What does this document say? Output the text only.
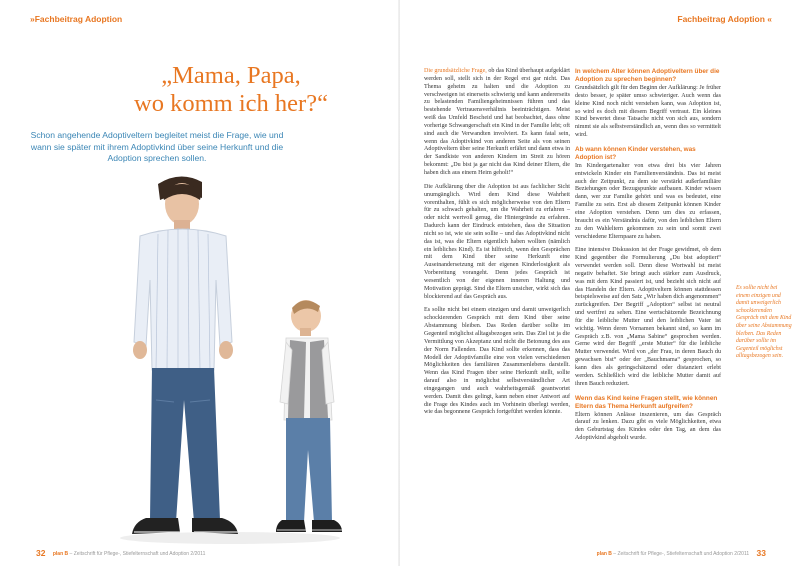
»Fachbeitrag Adoption
„Mama, Papa,
wo komm ich her?“

Schon angehende Adoptiveltern begleitet meist die Frage, wie und wann sie später mit ihrem Adoptivkind über seine Herkunft und die Adoption sprechen sollen.

32 plan B – Zeitschrift für Pflege-, Stiefelternschaft und Adoption 2/2011
Fachbeitrag Adoption «
plan B – Zeitschrift für Pflege-, Stiefelternschaft und Adoption 2/2011 33

Die grundsätzliche Frage, ob das Kind überhaupt aufgeklärt werden soll, stellt sich in der Regel erst gar nicht. Das Thema geheim zu halten und die Adoption zu verschweigen ist einerseits schwierig und kann andererseits zu belastenden Familiengeheimnissen führen und das bestehende Vertrauensverhältnis beeinträchtigen. Meist weiß das Umfeld Bescheid und hat beobachtet, dass ohne vorherige Schwangerschaft ein Kind in der Familie lebt; oft sind auch die Verwandten involviert. Es kann fatal sein, wenn das Adoptivkind von anderen Seite als von seinen Adoptiveltern über seine Herkunft erfährt und dann etwa in der Sandkiste von anderen Kindern im Streit zu hören bekommt: „Du bist ja gar nicht das Kind deiner Eltern, die haben dich aus einem Heim geholt!“

Die Aufklärung über die Adoption ist aus fachlicher Sicht unumgänglich. Wird dem Kind diese Wahrheit vorenthalten, fühlt es sich möglicherweise von den Eltern für zu schwach gehalten, um die Wahrheit zu erfahren – oder nicht wertvoll genug, die Hintergründe zu erfahren. Dadurch kann der Eindruck entstehen, dass die Situation nicht so ist, wie sie sein sollte – und das Adoptivkind nicht das ist, was die Eltern eigentlich haben wollten (nämlich ein leibliches Kind). Es ist hilfreich, wenn den Gesprächen mit dem Kind über seine Herkunft eine Auseinandersetzung mit der eigenen Kinderlosigkeit als Vorbereitung vorangeht. Denn jedes Gespräch ist wesentlich von der eigenen inneren Haltung und Motivation geprägt. Sind die Eltern unsicher, wirkt sich das blockierend auf das Gespräch aus.

Es sollte nicht bei einem einzigen und damit unweigerlich schockierenden Gespräch mit dem Kind über seine Abstammung bleiben. Das Reden darüber sollte im Gegenteil möglichst alltagsbezogen sein. Das Ziel ist ja die Vermittlung von Akzeptanz und nicht die Betonung des aus der Norm Fallenden. Das Kind sollte erkennen, dass das Modell der Adoptivfamilie eine von vielen verschiedenen Möglichkeiten des familiären Zusammenlebens darstellt. Wenn das Kind Fragen über seine Herkunft stellt, sollte darauf also in möglichst selbstverständlicher Art eingegangen und auch wahrheitsgemäß geantwortet werden. Damit dies gelingt, kann neben einer Antwort auf die Frage des Kindes auch im Vorhinein überlegt werden, wie das begonnene Gespräch fortgeführt werden könnte.

In welchem Alter können Adoptiveltern über die Adoption zu sprechen beginnen?

Grundsätzlich gilt für den Beginn der Aufklärung: Je früher desto besser, je später umso schwieriger. Auch wenn das kleine Kind noch nicht verstehen kann, was Adoption ist, so wird es doch mit diesem Begriff vertraut. Ein kleines Kind bewertet diese Tatsache nicht von sich aus, sondern nimmt sie als selbstverständlich an, wenn dies so vermittelt wird.

Ab wann können Kinder verstehen, was Adoption ist?

Im Kindergartenalter von etwa drei bis vier Jahren entwickeln Kinder ein Familienverständnis. Das ist meist auch der Zeitpunkt, zu dem sie verstärkt außerfamiliäre Beziehungen oder Bezugspunkte aufbauen. Kinder wissen dann, wer zur Familie gehört und was es bedeutet, eine Familie zu sein. Erst ab diesem Zeitpunkt können Kinder eine Adoption verstehen. Denn um dies zu erfassen, braucht es ein Verständnis dafür, von den leiblichen Eltern zu den Wahleltern gekommen zu sein und somit zwei verschiedene Elternpaare zu haben.

Eine intensive Diskussion ist der Frage gewidmet, ob dem Kind gegenüber die Formulierung „Du bist adoptiert“ verwendet werden soll. Denn diese Wortwahl ist meist negativ behaftet. Sie bringt auch stärker zum Ausdruck, was mit dem Kind passiert ist, und bezieht sich nicht auf das Handeln der Eltern. Adoptiveltern können stattdessen beispielsweise auf den Satz „Wir haben dich angenommen“ zurückgreifen. Der Begriff „Adoption“ selbst ist neutral und wertfrei zu sehen. Eine wertschätzende Bezeichnung für die leibliche Mutter und den leiblichen Vater ist wichtig. Wenn deren Vornamen bekannt sind, so kann im Gespräch z.B. von „Mama Sabine“ gesprochen werden. Gerne wird der Begriff „erste Mutter“ für die leibliche Mutter verwendet. Wird von „der Frau, in deren Bauch du gewachsen bist“ oder der „Bauchmama“ gesprochen, so kann dies als geringschätzend oder distanziert erlebt werden. Schließlich wird die leibliche Mutter damit auf ihren Bauch reduziert.

Wenn das Kind keine Fragen stellt, wie können Eltern das Thema Herkunft aufgreifen?

Eltern können Anlässe inszenieren, um das Gespräch darauf zu lenken. Dazu gibt es viele Möglichkeiten, etwa den Geburtstag des Kindes oder den Tag, an dem das Adoptivkind abgeholt wurde.

Es sollte nicht bei einem einzigen und damit unweigerlich schockierenden Gespräch mit dem Kind über seine Abstammung bleiben. Das Reden darüber sollte im Gegenteil möglichst alltagsbezogen sein.
